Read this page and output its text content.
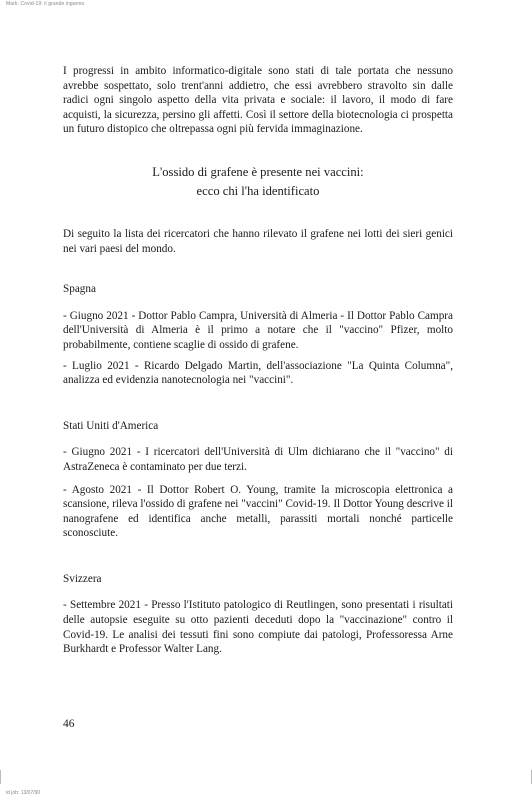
Mark: Covid-19: il grande inganno

I progressi in ambito informatico-digitale sono stati di tale portata che nessuno avrebbe sospettato, solo trent'anni addietro, che essi avrebbero stravolto sin dalle radici ogni singolo aspetto della vita privata e sociale: il lavoro, il modo di fare acquisti, la sicurezza, persino gli affetti. Così il settore della biotecnologia ci prospetta un futuro distopico che oltrepassa ogni più fervida immaginazione.

L'ossido di grafene è presente nei vaccini:

ecco chi l'ha identificato

Di seguito la lista dei ricercatori che hanno rilevato il grafene nei lotti dei sieri genici nei vari paesi del mondo.

Spagna

- Giugno 2021 - Dottor Pablo Campra, Università di Almeria - Il Dottor Pablo Campra dell'Università di Almeria è il primo a notare che il "vaccino" Pfizer, molto probabilmente, contiene scaglie di ossido di grafene.

- Luglio 2021 - Ricardo Delgado Martin, dell'associazione "La Quinta Columna", analizza ed evidenzia nanotecnologia nei "vaccini".

Stati Uniti d'America

- Giugno 2021 - I ricercatori dell'Università di Ulm dichiarano che il "vaccino" di AstraZeneca è contaminato per due terzi.

- Agosto 2021 - Il Dottor Robert O. Young, tramite la microscopia elettronica a scansione, rileva l'ossido di grafene nei "vaccini" Covid-19. Il Dottor Young descrive il nanografene ed identifica anche metalli, parassiti mortali nonché particelle sconosciute.

Svizzera

- Settembre 2021 - Presso l'Istituto patologico di Reutlingen, sono presentati i risultati delle autopsie eseguite su otto pazienti deceduti dopo la "vaccinazione" contro il Covid-19. Le analisi dei tessuti fini sono compiute dai patologi, Professoressa Arne Burkhardt e Professor Walter Lang.

46
id job: 13/07/90
